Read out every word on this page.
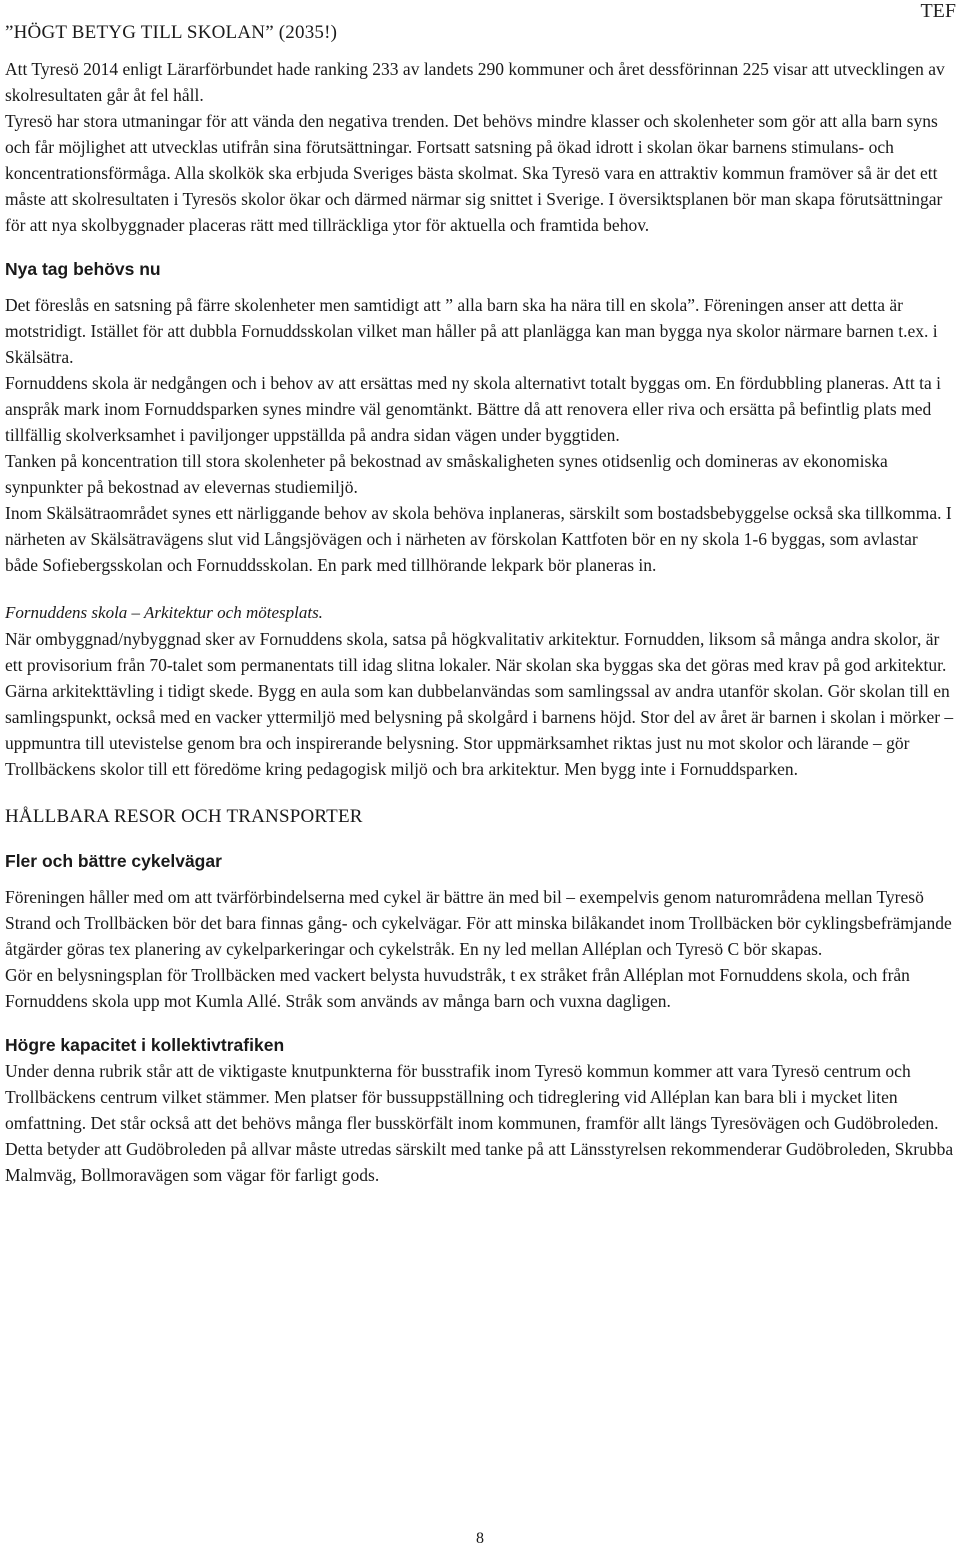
TEF

”HÖGT BETYG TILL SKOLAN” (2035!)

Att Tyresö 2014 enligt Lärarförbundet hade ranking 233 av landets 290 kommuner och året dessförinnan 225 visar att utvecklingen av skolresultaten går åt fel håll.

Tyresö har stora utmaningar för att vända den negativa trenden. Det behövs mindre klasser och skolenheter som gör att alla barn syns och får möjlighet att utvecklas utifrån sina förutsättningar. Fortsatt satsning på ökad idrott i skolan ökar barnens stimulans- och koncentrationsförmåga. Alla skolkök ska erbjuda Sveriges bästa skolmat. Ska Tyresö vara en attraktiv kommun framöver så är det ett måste att skolresultaten i Tyresös skolor ökar och därmed närmar sig snittet i Sverige. I översiktsplanen bör man skapa förutsättningar för att nya skolbyggnader placeras rätt med tillräckliga ytor för aktuella och framtida behov.

Nya tag behövs nu

Det föreslås en satsning på färre skolenheter men samtidigt att ” alla barn ska ha nära till en skola”. Föreningen anser att detta är motstridigt. Istället för att dubbla Fornuddsskolan vilket man håller på att planlägga kan man bygga nya skolor närmare barnen t.ex. i Skälsätra.

Fornuddens skola är nedgången och i behov av att ersättas med ny skola alternativt totalt byggas om. En fördubbling planeras. Att ta i anspråk mark inom Fornuddsparken synes mindre väl genomtänkt. Bättre då att renovera eller riva och ersätta på befintlig plats med tillfällig skolverksamhet i paviljonger uppställda på andra sidan vägen under byggtiden.

Tanken på koncentration till stora skolenheter på bekostnad av småskaligheten synes otidsenlig och domineras av ekonomiska synpunkter på bekostnad av elevernas studiemiljö.

Inom Skälsätraområdet synes ett närliggande behov av skola behöva inplaneras, särskilt som bostadsbebyggelse också ska tillkomma. I närheten av Skälsätravägens slut vid Långsjövägen och i närheten av förskolan Kattfoten bör en ny skola 1-6 byggas, som avlastar både Sofiebergsskolan och Fornuddsskolan. En park med tillhörande lekpark bör planeras in.

Fornuddens skola – Arkitektur och mötesplats.

När ombyggnad/nybyggnad sker av Fornuddens skola, satsa på högkvalitativ arkitektur. Fornudden, liksom så många andra skolor, är ett provisorium från 70-talet som permanentats till idag slitna lokaler. När skolan ska byggas ska det göras med krav på god arkitektur. Gärna arkitekttävling i tidigt skede. Bygg en aula som kan dubbelanvändas som samlingssal av andra utanför skolan. Gör skolan till en samlingspunkt, också med en vacker yttermiljö med belysning på skolgård i barnens höjd. Stor del av året är barnen i skolan i mörker – uppmuntra till utevistelse genom bra och inspirerande belysning. Stor uppmärksamhet riktas just nu mot skolor och lärande – gör Trollbäckens skolor till ett föredöme kring pedagogisk miljö och bra arkitektur. Men bygg inte i Fornuddsparken.

HÅLLBARA RESOR OCH TRANSPORTER

Fler och bättre cykelvägar

Föreningen håller med om att tvärförbindelserna med cykel är bättre än med bil – exempelvis genom naturområdena mellan Tyresö Strand och Trollbäcken bör det bara finnas gång- och cykelvägar. För att minska bilåkandet inom Trollbäcken bör cyklingsbefrämjande åtgärder göras tex planering av cykelparkeringar och cykelstråk. En ny led mellan Alléplan och Tyresö C bör skapas.

Gör en belysningsplan för Trollbäcken med vackert belysta huvudstråk, t ex stråket från Alléplan mot Fornuddens skola, och från Fornuddens skola upp mot Kumla Allé. Stråk som används av många barn och vuxna dagligen.

Högre kapacitet i kollektivtrafiken

Under denna rubrik står att de viktigaste knutpunkterna för busstrafik inom Tyresö kommun kommer att vara Tyresö centrum och Trollbäckens centrum vilket stämmer. Men platser för bussuppställning och tidreglering vid Alléplan kan bara bli i mycket liten omfattning. Det står också att det behövs många fler busskörfält inom kommunen, framför allt längs Tyresövägen och Gudöbroleden. Detta betyder att Gudöbroleden på allvar måste utredas särskilt med tanke på att Länsstyrelsen rekommenderar Gudöbroleden, Skrubba Malmväg, Bollmoravägen som vägar för farligt gods.

8
